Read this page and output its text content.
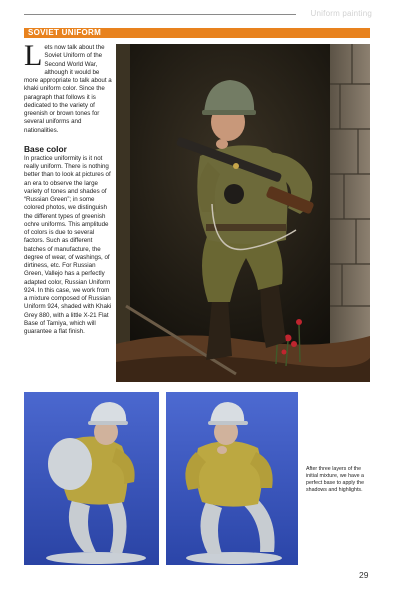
Uniform painting
SOVIET UNIFORM

Lets now talk about the Soviet Uniform of the Second World War, although it would be more appropriate to talk about a khaki uniform color. Since the paragraph that follows it is dedicated to the variety of greenish or brown tones for several uniforms and nationalities.

Base color

In practice uniformity is it not really uniform. There is nothing better than to look at pictures of an era to observe the large variety of tones and shades of “Russian Green”; in some colored photos, we distinguish the different types of greenish ochre uniforms. This amplitude of colors is due to several factors. Such as different batches of manufacture, the degree of wear, of washings, of dirtiness, etc. For Russian Green, Vallejo has a perfectly adapted color, Russian Uniform 924. In this case, we work from a mixture composed of Russian Uniform 924, shaded with Khaki Grey 880, with a little X-21 Flat Base of Tamiya, which will guarantee a flat finish.

After three layers of the initial mixture, we have a perfect base to apply the shadows and highlights.

29
